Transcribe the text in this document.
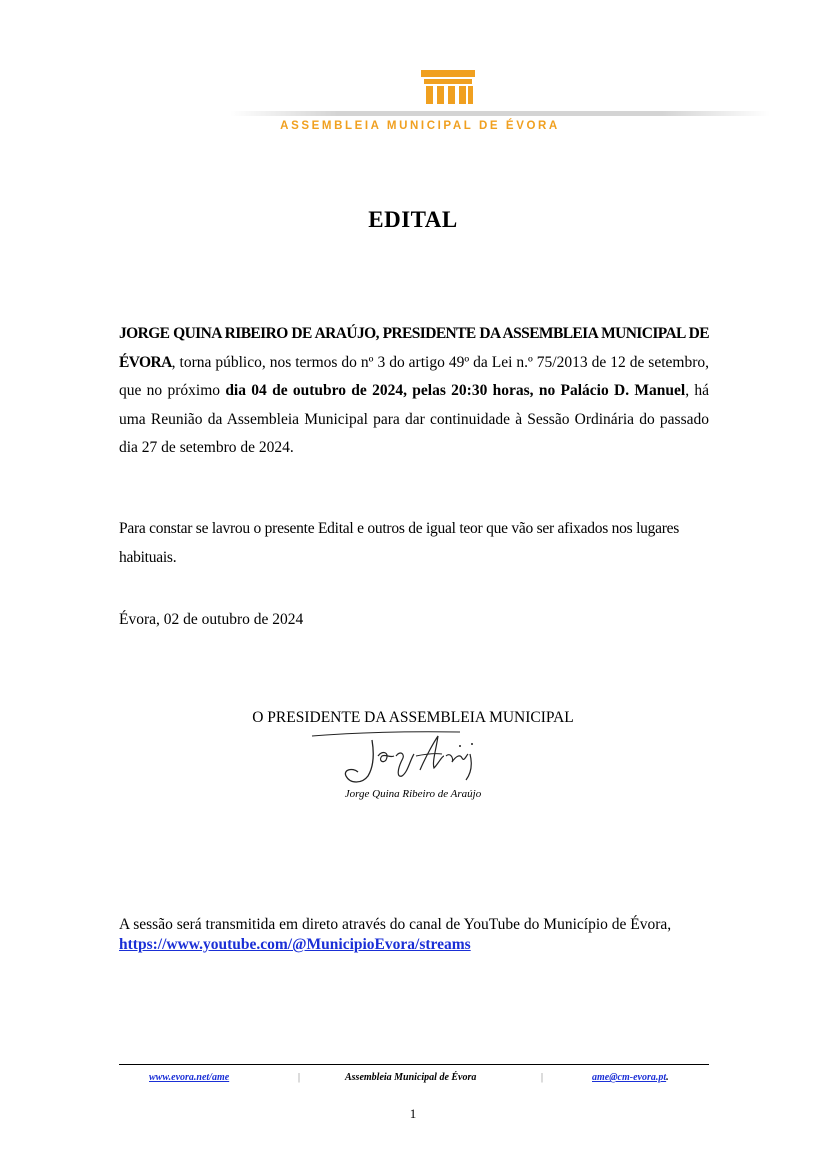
ASSEMBLEIA MUNICIPAL DE ÉVORA
EDITAL
JORGE QUINA RIBEIRO DE ARAÚJO, PRESIDENTE DA ASSEMBLEIA MUNICIPAL DE ÉVORA, torna público, nos termos do nº 3 do artigo 49º da Lei n.º 75/2013 de 12 de setembro, que no próximo dia 04 de outubro de 2024, pelas 20:30 horas, no Palácio D. Manuel, há uma Reunião da Assembleia Municipal para dar continuidade à Sessão Ordinária do passado dia 27 de setembro de 2024.
Para constar se lavrou o presente Edital e outros de igual teor que vão ser afixados nos lugares habituais.
Évora, 02 de outubro de 2024
O PRESIDENTE DA ASSEMBLEIA MUNICIPAL
Jorge Quina Ribeiro de Araújo
A sessão será transmitida em direto através do canal de YouTube do Município de Évora,
https://www.youtube.com/@MunicipioEvora/streams
www.evora.net/ame	|	Assembleia Municipal de Évora	|	ame@cm-evora.pt.
1
